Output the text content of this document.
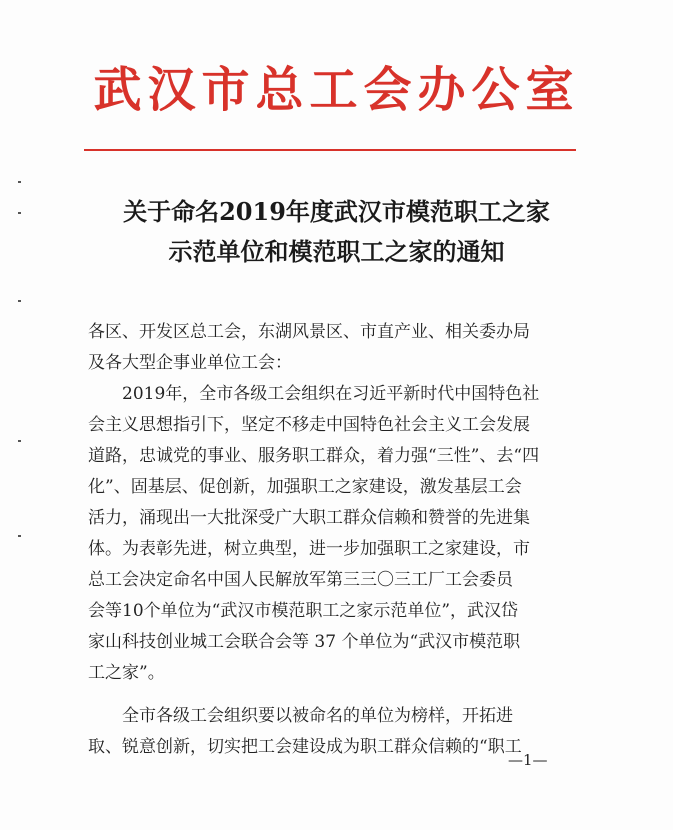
武汉市总工会办公室
关于命名2019年度武汉市模范职工之家
示范单位和模范职工之家的通知

各区、开发区总工会，东湖风景区、市直产业、相关委办局

及各大型企事业单位工会：

　　2019年，全市各级工会组织在习近平新时代中国特色社

会主义思想指引下，坚定不移走中国特色社会主义工会发展

道路，忠诚党的事业、服务职工群众，着力强“三性”、去“四

化”、固基层、促创新，加强职工之家建设，激发基层工会

活力，涌现出一大批深受广大职工群众信赖和赞誉的先进集

体。为表彰先进，树立典型，进一步加强职工之家建设，市

总工会决定命名中国人民解放军第三三〇三工厂工会委员

会等10个单位为“武汉市模范职工之家示范单位”，武汉岱

家山科技创业城工会联合会等 37 个单位为“武汉市模范职

工之家”。

　　全市各级工会组织要以被命名的单位为榜样，开拓进

取、锐意创新，切实把工会建设成为职工群众信赖的“职工

—1—
